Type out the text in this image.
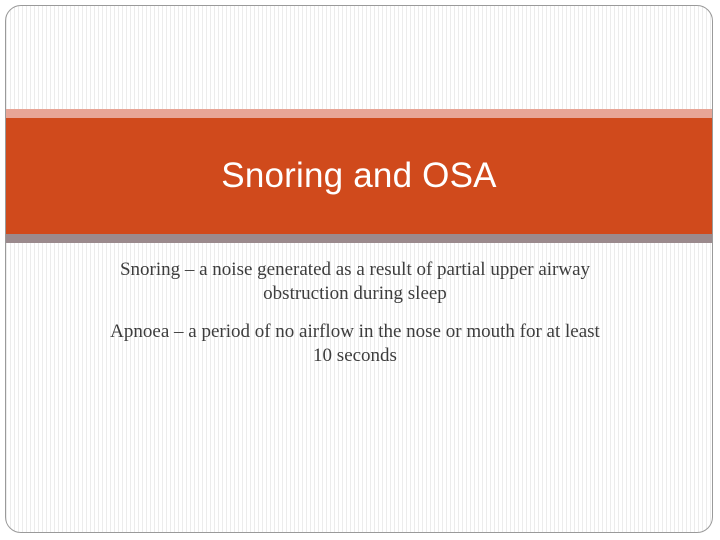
Snoring and OSA

Snoring – a noise generated as a result of partial upper airway obstruction during sleep

Apnoea – a period of no airflow in the nose or mouth for at least 10 seconds
